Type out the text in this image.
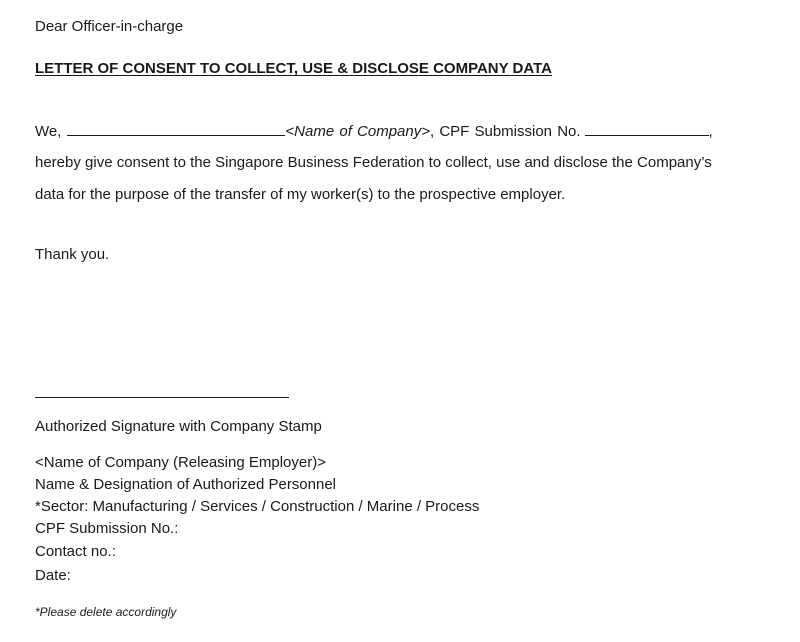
Dear Officer-in-charge
LETTER OF CONSENT TO COLLECT, USE & DISCLOSE COMPANY DATA
We,	<Name of Company>, CPF Submission No.	,
hereby give consent to the Singapore Business Federation to collect, use and disclose the Company’s
data for the purpose of the transfer of my worker(s) to the prospective employer.
Thank you.
Authorized Signature with Company Stamp
<Name of Company (Releasing Employer)>
Name & Designation of Authorized Personnel
*Sector: Manufacturing / Services / Construction / Marine / Process
CPF Submission No.:
Contact no.:
Date:
*Please delete accordingly
